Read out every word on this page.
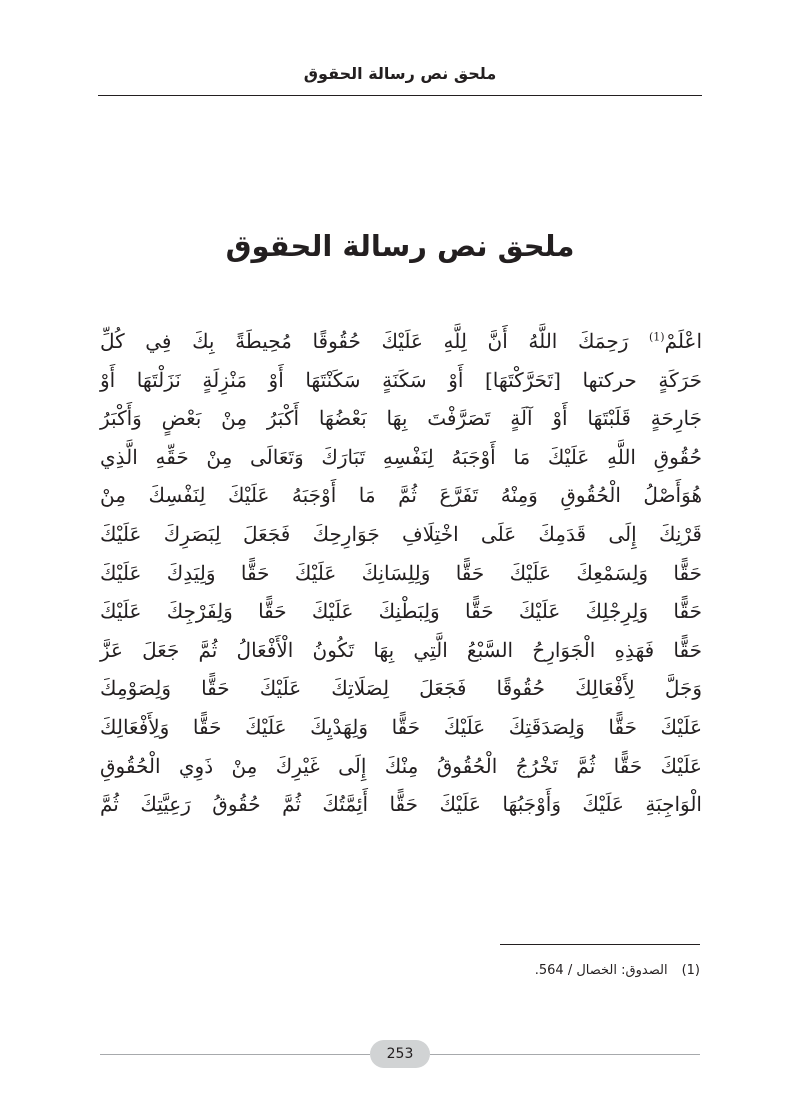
ملحق نص رسالة الحقوق
ملحق نص رسالة الحقوق
اعْلَمْ$^{(1)}$ رَحِمَكَ اللَّهُ أَنَّ لِلَّهِ عَلَيْكَ حُقُوقًا مُحِيطَةً بِكَ فِي كُلِّ
حَرَكَةٍ حركتها [تَحَرَّكْتَهَا] أَوْ سَكَنَةٍ سَكَنْتَهَا أَوْ مَنْزِلَةٍ نَزَلْتَهَا أَوْ
جَارِحَةٍ قَلَبْتَهَا أَوْ آلَةٍ تَصَرَّفْتَ بِهَا بَعْضُهَا أَكْبَرُ مِنْ بَعْضٍ وَأَكْبَرُ
حُقُوقِ اللَّهِ عَلَيْكَ مَا أَوْجَبَهُ لِنَفْسِهِ تَبَارَكَ وَتَعَالَى مِنْ حَقِّهِ الَّذِي
هُوَأَصْلُ الْحُقُوقِ وَمِنْهُ تَفَرَّعَ ثُمَّ مَا أَوْجَبَهُ عَلَيْكَ لِنَفْسِكَ مِنْ
قَرْنِكَ إِلَى قَدَمِكَ عَلَى اخْتِلَافِ جَوَارِحِكَ فَجَعَلَ لِبَصَرِكَ عَلَيْكَ
حَقًّا وَلِسَمْعِكَ عَلَيْكَ حَقًّا وَلِلِسَانِكَ عَلَيْكَ حَقًّا وَلِيَدِكَ عَلَيْكَ
حَقًّا وَلِرِجْلِكَ عَلَيْكَ حَقًّا وَلِبَطْنِكَ عَلَيْكَ حَقًّا وَلِفَرْجِكَ عَلَيْكَ
حَقًّا فَهَذِهِ الْجَوَارِحُ السَّبْعُ الَّتِي بِهَا تَكُونُ الْأَفْعَالُ ثُمَّ جَعَلَ عَزَّ
وَجَلَّ لِأَفْعَالِكَ حُقُوقًا فَجَعَلَ لِصَلَاتِكَ عَلَيْكَ حَقًّا وَلِصَوْمِكَ
عَلَيْكَ حَقًّا وَلِصَدَقَتِكَ عَلَيْكَ حَقًّا وَلِهَدْيِكَ عَلَيْكَ حَقًّا وَلِأَفْعَالِكَ
عَلَيْكَ حَقًّا ثُمَّ تَخْرُجُ الْحُقُوقُ مِنْكَ إِلَى غَيْرِكَ مِنْ ذَوِي الْحُقُوقِ
الْوَاجِبَةِ عَلَيْكَ وَأَوْجَبُهَا عَلَيْكَ حَقًّا أَئِمَّتُكَ ثُمَّ حُقُوقُ رَعِيَّتِكَ ثُمَّ
(1)الصدوق: الخصال / 564.
253
